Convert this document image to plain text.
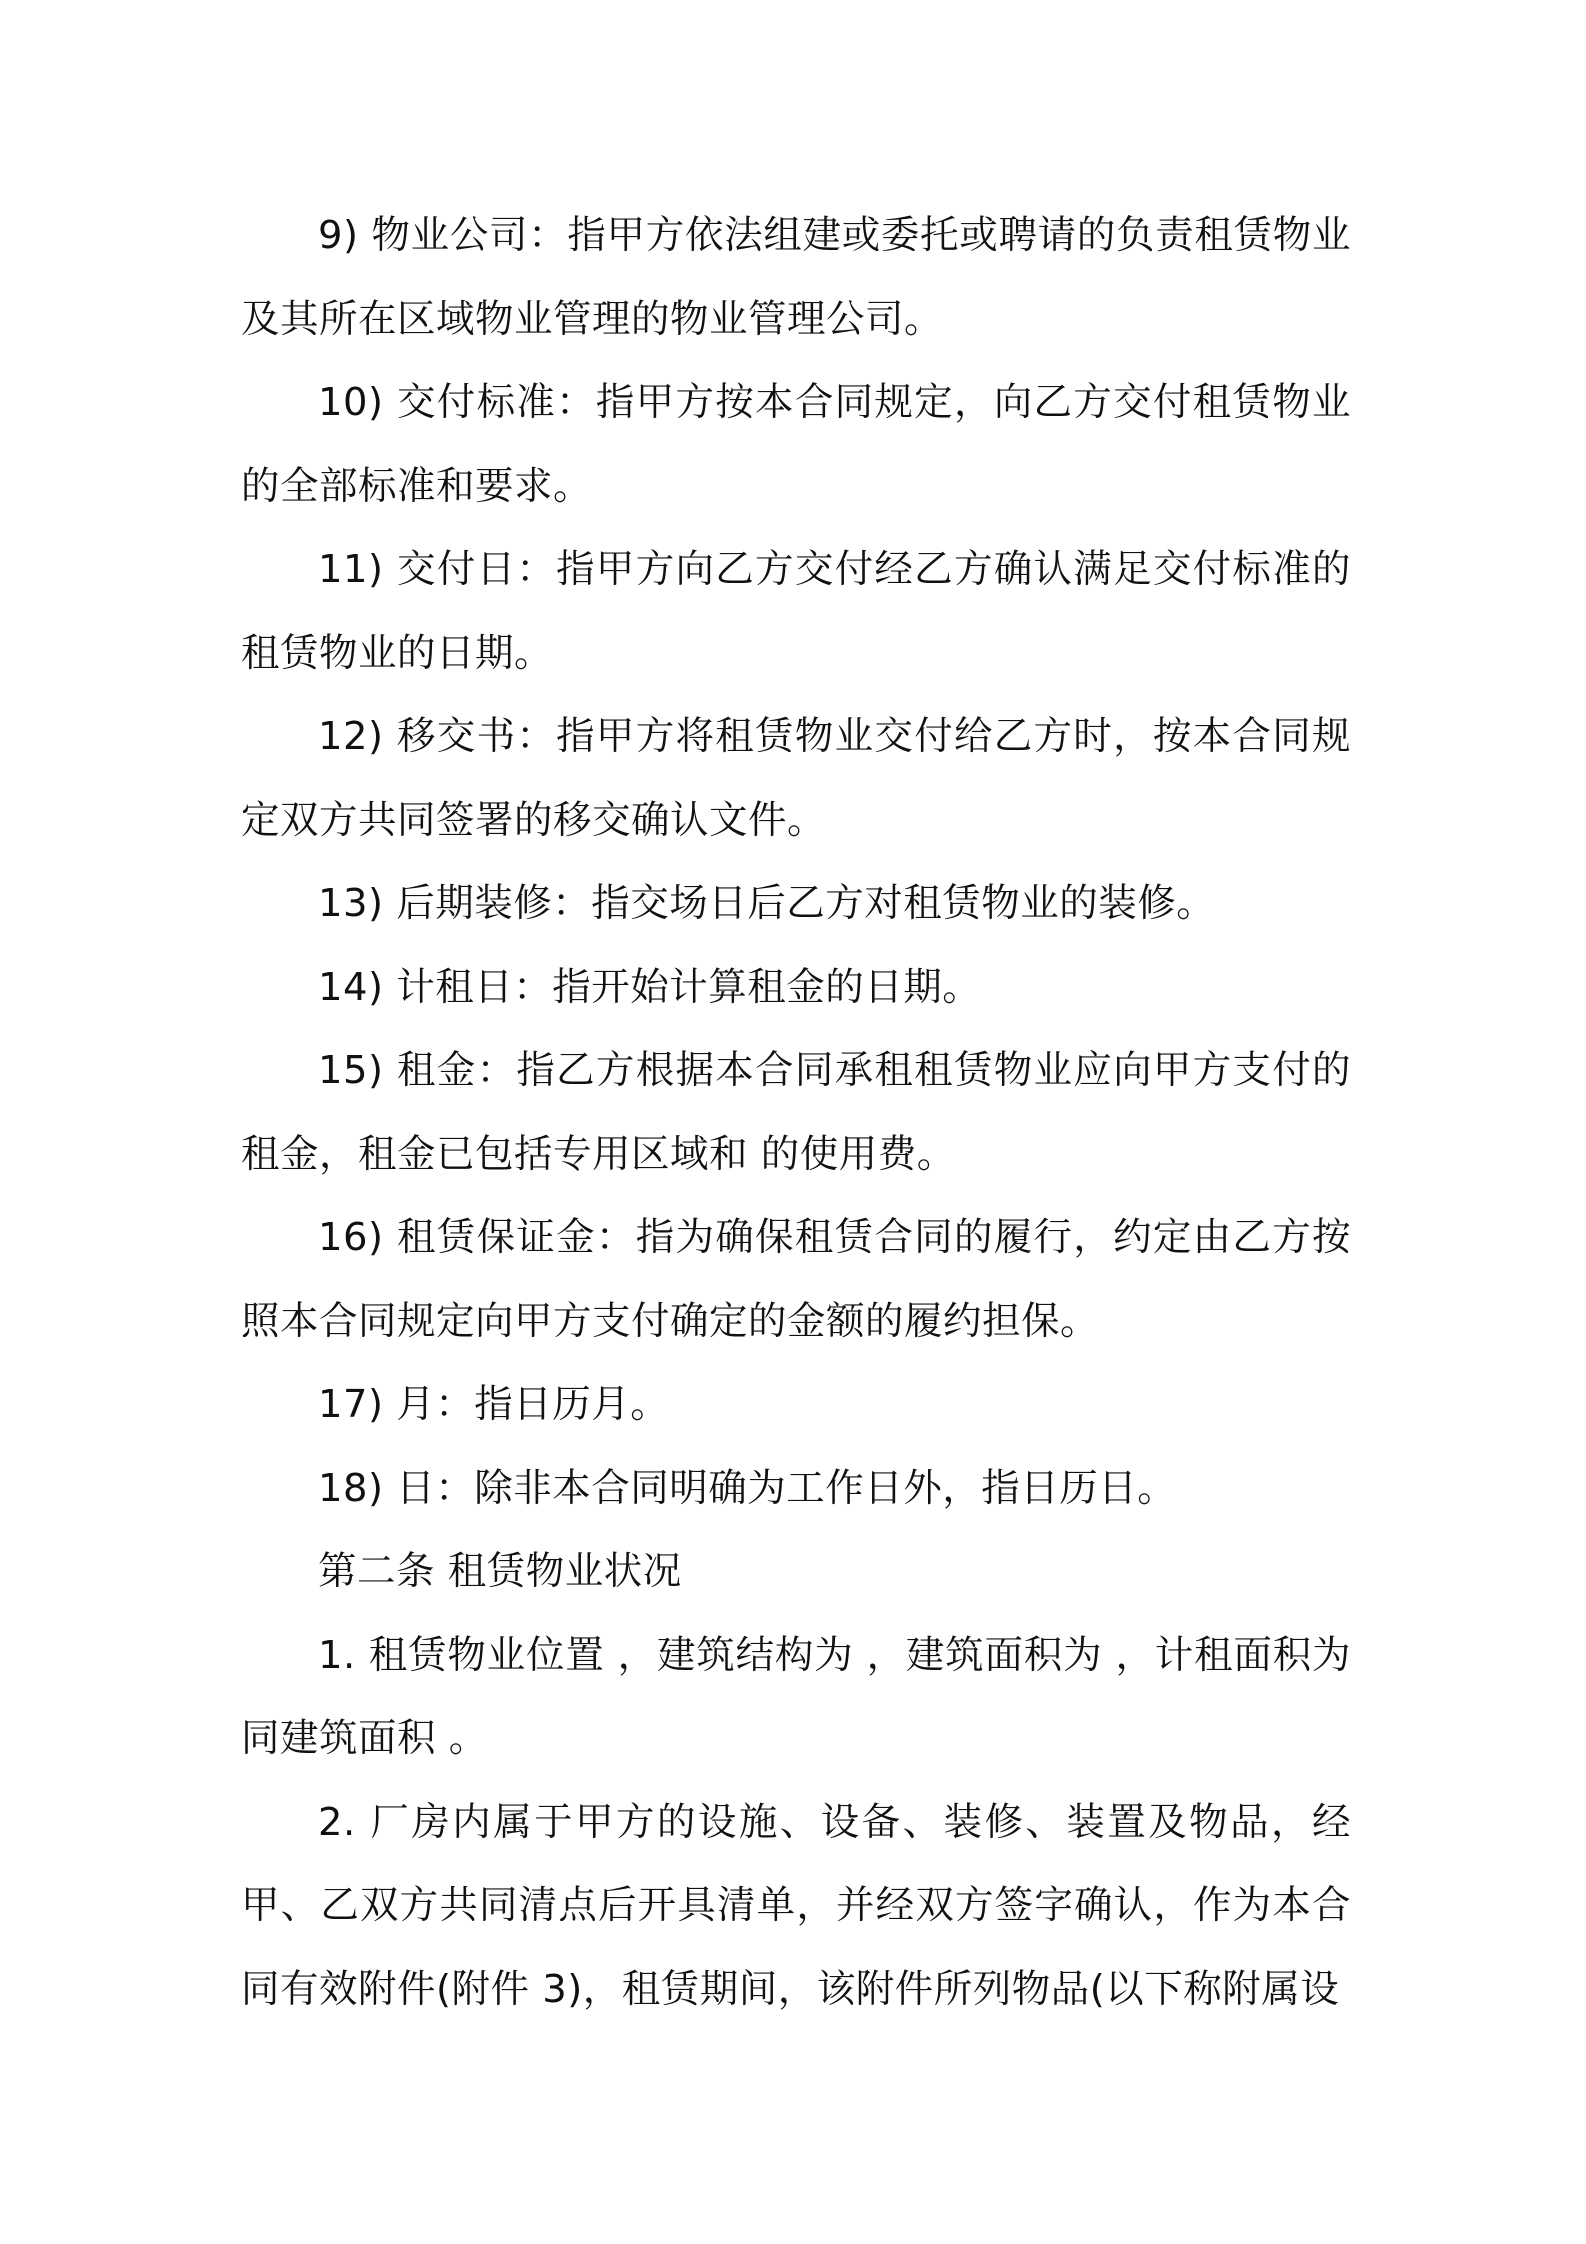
9) 物业公司：指甲方依法组建或委托或聘请的负责租赁物业及其所在区域物业管理的物业管理公司。

10) 交付标准：指甲方按本合同规定，向乙方交付租赁物业的全部标准和要求。

11) 交付日：指甲方向乙方交付经乙方确认满足交付标准的租赁物业的日期。

12) 移交书：指甲方将租赁物业交付给乙方时，按本合同规定双方共同签署的移交确认文件。

13) 后期装修：指交场日后乙方对租赁物业的装修。

14) 计租日：指开始计算租金的日期。

15) 租金：指乙方根据本合同承租租赁物业应向甲方支付的租金，租金已包括专用区域和 的使用费。

16) 租赁保证金：指为确保租赁合同的履行，约定由乙方按照本合同规定向甲方支付确定的金额的履约担保。

17) 月：指日历月。

18) 日：除非本合同明确为工作日外，指日历日。

第二条 租赁物业状况

1. 租赁物业位置 ，建筑结构为 ，建筑面积为 ，计租面积为 同建筑面积 。

2. 厂房内属于甲方的设施、设备、装修、装置及物品，经甲、乙双方共同清点后开具清单，并经双方签字确认，作为本合同有效附件(附件 3)，租赁期间，该附件所列物品(以下称附属设
